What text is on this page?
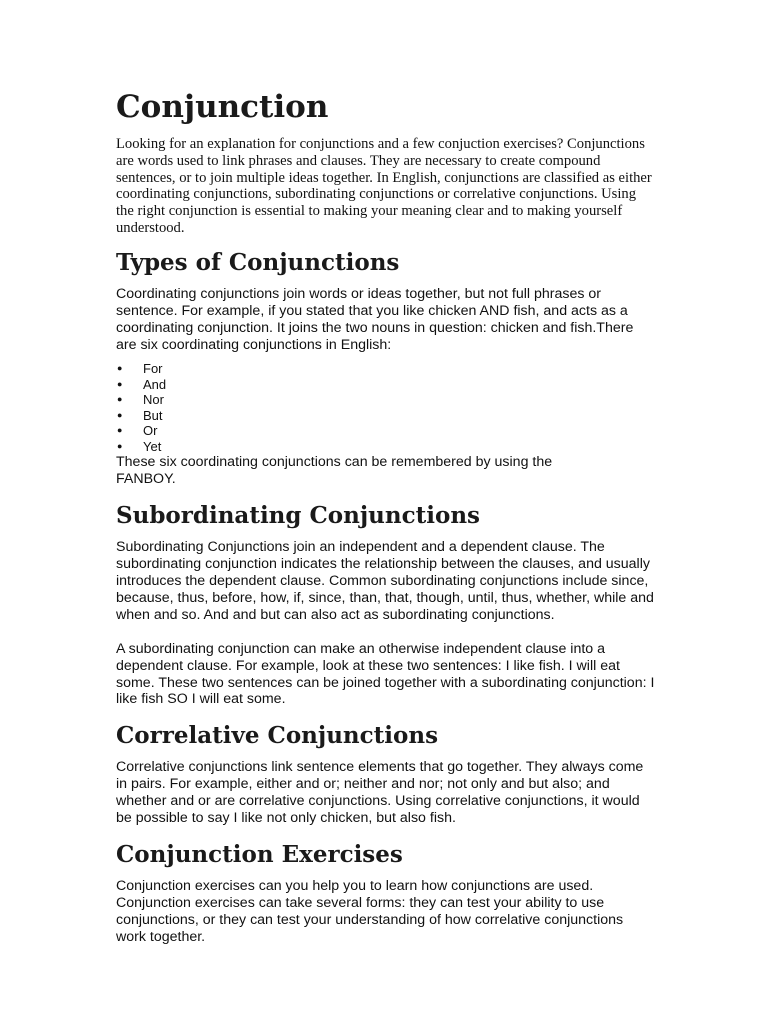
Conjunction

Looking for an explanation for conjunctions and a few conjuction exercises? Conjunctions are words used to link phrases and clauses. They are necessary to create compound sentences, or to join multiple ideas together. In English, conjunctions are classified as either coordinating conjunctions, subordinating conjunctions or correlative conjunctions. Using the right conjunction is essential to making your meaning clear and to making yourself understood.

Types of Conjunctions

Coordinating conjunctions join words or ideas together, but not full phrases or sentence. For example, if you stated that you like chicken AND fish, and acts as a coordinating conjunction. It joins the two nouns in question: chicken and fish.There are six coordinating conjunctions in English:

● For
● And
● Nor
● But
● Or
● Yet

These six coordinating conjunctions can be remembered by using the  FANBOY.

Subordinating Conjunctions

Subordinating Conjunctions join an independent and a dependent clause. The subordinating conjunction indicates the relationship between the clauses, and usually introduces the dependent clause. Common subordinating conjunctions include since, because, thus, before, how, if, since, than, that, though, until, thus, whether, while and when and so. And and but can also act as subordinating conjunctions.

A subordinating conjunction can make an otherwise independent clause into a dependent clause. For example, look at these two sentences: I like fish. I will eat some. These two sentences can be joined together with a subordinating conjunction: I like fish SO I will eat some.

Correlative Conjunctions

Correlative conjunctions link sentence elements that go together. They always come in pairs. For example, either and or; neither and nor; not only and but also; and whether and or are correlative conjunctions. Using correlative conjunctions, it would be possible to say I like not only chicken, but also fish.

Conjunction Exercises

Conjunction exercises can you help you to learn how conjunctions are used. Conjunction exercises can take several forms: they can test your ability to use conjunctions, or they can test your understanding of how correlative conjunctions work together.
